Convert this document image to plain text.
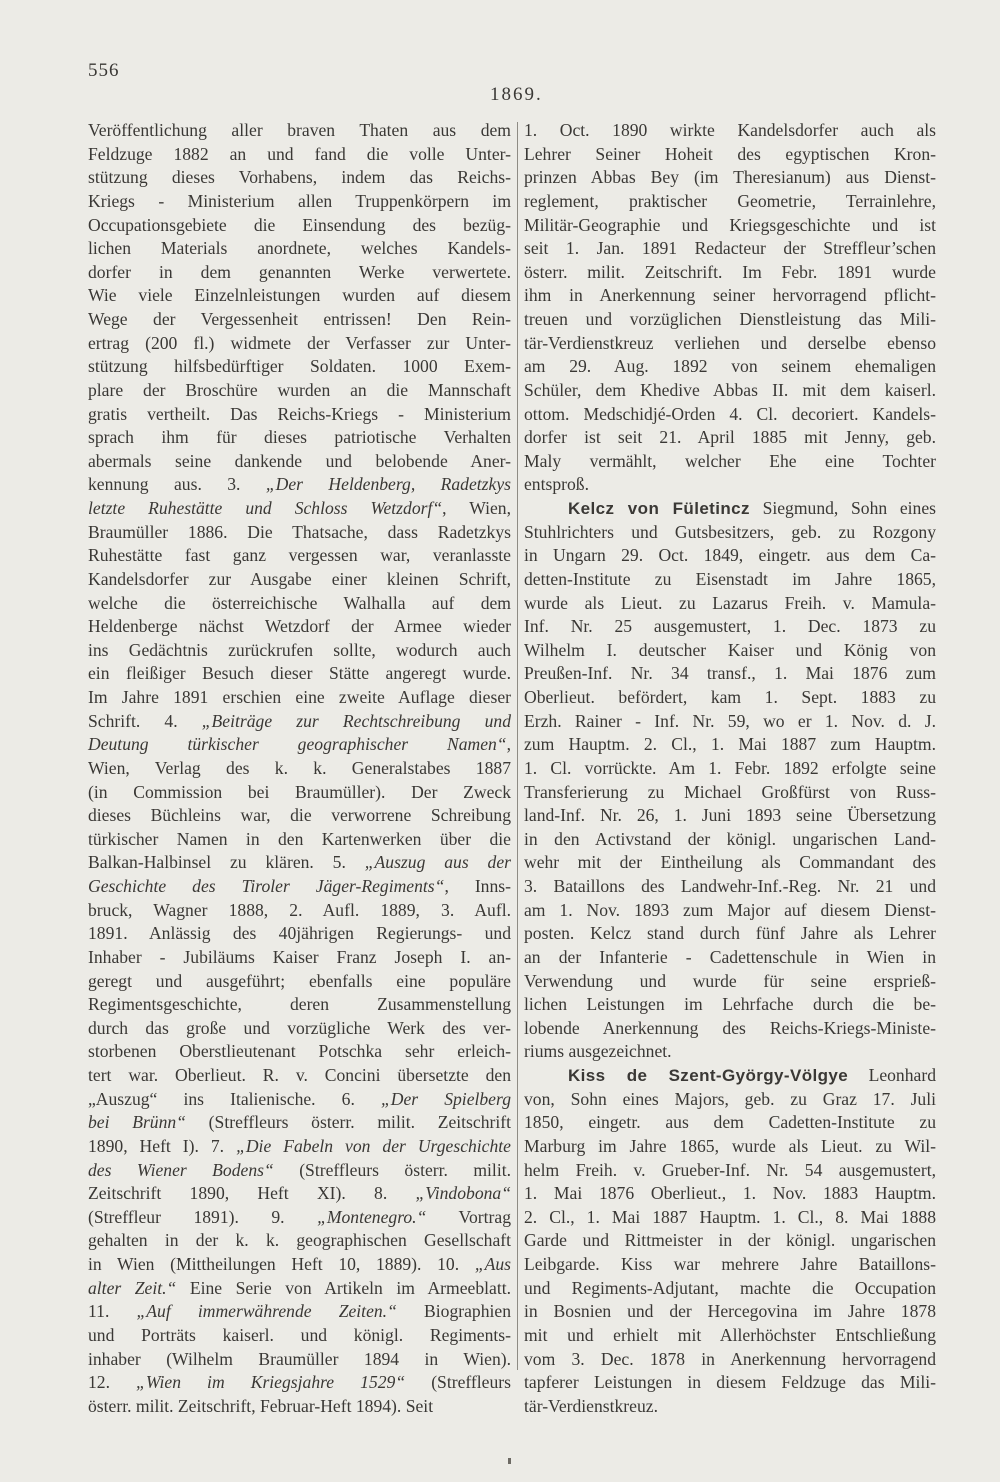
556
1869.
Veröffentlichung aller braven Thaten aus dem
Feldzuge 1882 an und fand die volle Unter-
stützung dieses Vorhabens, indem das Reichs-
Kriegs - Ministerium allen Truppenkörpern im
Occupationsgebiete die Einsendung des bezüg-
lichen Materials anordnete, welches Kandels-
dorfer in dem genannten Werke verwertete.
Wie viele Einzelnleistungen wurden auf diesem
Wege der Vergessenheit entrissen! Den Rein-
ertrag (200 fl.) widmete der Verfasser zur Unter-
stützung hilfsbedürftiger Soldaten. 1000 Exem-
plare der Broschüre wurden an die Mannschaft
gratis vertheilt. Das Reichs-Kriegs - Ministerium
sprach ihm für dieses patriotische Verhalten
abermals seine dankende und belobende Aner-
kennung aus. 3. „Der Heldenberg, Radetzkys
letzte Ruhestätte und Schloss Wetzdorf“, Wien,
Braumüller 1886. Die Thatsache, dass Radetzkys
Ruhestätte fast ganz vergessen war, veranlasste
Kandelsdorfer zur Ausgabe einer kleinen Schrift,
welche die österreichische Walhalla auf dem
Heldenberge nächst Wetzdorf der Armee wieder
ins Gedächtnis zurückrufen sollte, wodurch auch
ein fleißiger Besuch dieser Stätte angeregt wurde.
Im Jahre 1891 erschien eine zweite Auflage dieser
Schrift. 4. „Beiträge zur Rechtschreibung und
Deutung türkischer geographischer Namen“,
Wien, Verlag des k. k. Generalstabes 1887
(in Commission bei Braumüller). Der Zweck
dieses Büchleins war, die verworrene Schreibung
türkischer Namen in den Kartenwerken über die
Balkan-Halbinsel zu klären. 5. „Auszug aus der
Geschichte des Tiroler Jäger-Regiments“, Inns-
bruck, Wagner 1888, 2. Aufl. 1889, 3. Aufl.
1891. Anlässig des 40jährigen Regierungs- und
Inhaber - Jubiläums Kaiser Franz Joseph I. an-
geregt und ausgeführt; ebenfalls eine populäre
Regimentsgeschichte, deren Zusammenstellung
durch das große und vorzügliche Werk des ver-
storbenen Oberstlieutenant Potschka sehr erleich-
tert war. Oberlieut. R. v. Concini übersetzte den
„Auszug“ ins Italienische. 6. „Der Spielberg
bei Brünn“ (Streffleurs österr. milit. Zeitschrift
1890, Heft I). 7. „Die Fabeln von der Urgeschichte
des Wiener Bodens“ (Streffleurs österr. milit.
Zeitschrift 1890, Heft XI). 8. „Vindobona“
(Streffleur 1891). 9. „Montenegro.“ Vortrag
gehalten in der k. k. geographischen Gesellschaft
in Wien (Mittheilungen Heft 10, 1889). 10. „Aus
alter Zeit.“ Eine Serie von Artikeln im Armeeblatt.
11. „Auf immerwährende Zeiten.“ Biographien
und Porträts kaiserl. und königl. Regiments-
inhaber (Wilhelm Braumüller 1894 in Wien).
12. „Wien im Kriegsjahre 1529“ (Streffleurs
österr. milit. Zeitschrift, Februar-Heft 1894). Seit
1. Oct. 1890 wirkte Kandelsdorfer auch als
Lehrer Seiner Hoheit des egyptischen Kron-
prinzen Abbas Bey (im Theresianum) aus Dienst-
reglement, praktischer Geometrie, Terrainlehre,
Militär-Geographie und Kriegsgeschichte und ist
seit 1. Jan. 1891 Redacteur der Streffleur’schen
österr. milit. Zeitschrift. Im Febr. 1891 wurde
ihm in Anerkennung seiner hervorragend pflicht-
treuen und vorzüglichen Dienstleistung das Mili-
tär-Verdienstkreuz verliehen und derselbe ebenso
am 29. Aug. 1892 von seinem ehemaligen
Schüler, dem Khedive Abbas II. mit dem kaiserl.
ottom. Medschidjé-Orden 4. Cl. decoriert. Kandels-
dorfer ist seit 21. April 1885 mit Jenny, geb.
Maly vermählt, welcher Ehe eine Tochter
entsproß.
Kelcz von Fületincz Siegmund, Sohn eines
Stuhlrichters und Gutsbesitzers, geb. zu Rozgony
in Ungarn 29. Oct. 1849, eingetr. aus dem Ca-
detten-Institute zu Eisenstadt im Jahre 1865,
wurde als Lieut. zu Lazarus Freih. v. Mamula-
Inf. Nr. 25 ausgemustert, 1. Dec. 1873 zu
Wilhelm I. deutscher Kaiser und König von
Preußen-Inf. Nr. 34 transf., 1. Mai 1876 zum
Oberlieut. befördert, kam 1. Sept. 1883 zu
Erzh. Rainer - Inf. Nr. 59, wo er 1. Nov. d. J.
zum Hauptm. 2. Cl., 1. Mai 1887 zum Hauptm.
1. Cl. vorrückte. Am 1. Febr. 1892 erfolgte seine
Transferierung zu Michael Großfürst von Russ-
land-Inf. Nr. 26, 1. Juni 1893 seine Übersetzung
in den Activstand der königl. ungarischen Land-
wehr mit der Eintheilung als Commandant des
3. Bataillons des Landwehr-Inf.-Reg. Nr. 21 und
am 1. Nov. 1893 zum Major auf diesem Dienst-
posten. Kelcz stand durch fünf Jahre als Lehrer
an der Infanterie - Cadettenschule in Wien in
Verwendung und wurde für seine ersprieß-
lichen Leistungen im Lehrfache durch die be-
lobende Anerkennung des Reichs-Kriegs-Ministe-
riums ausgezeichnet.
Kiss de Szent-György-Völgye Leonhard
von, Sohn eines Majors, geb. zu Graz 17. Juli
1850, eingetr. aus dem Cadetten-Institute zu
Marburg im Jahre 1865, wurde als Lieut. zu Wil-
helm Freih. v. Grueber-Inf. Nr. 54 ausgemustert,
1. Mai 1876 Oberlieut., 1. Nov. 1883 Hauptm.
2. Cl., 1. Mai 1887 Hauptm. 1. Cl., 8. Mai 1888
Garde und Rittmeister in der königl. ungarischen
Leibgarde. Kiss war mehrere Jahre Bataillons-
und Regiments-Adjutant, machte die Occupation
in Bosnien und der Hercegovina im Jahre 1878
mit und erhielt mit Allerhöchster Entschließung
vom 3. Dec. 1878 in Anerkennung hervorragend
tapferer Leistungen in diesem Feldzuge das Mili-
tär-Verdienstkreuz.
